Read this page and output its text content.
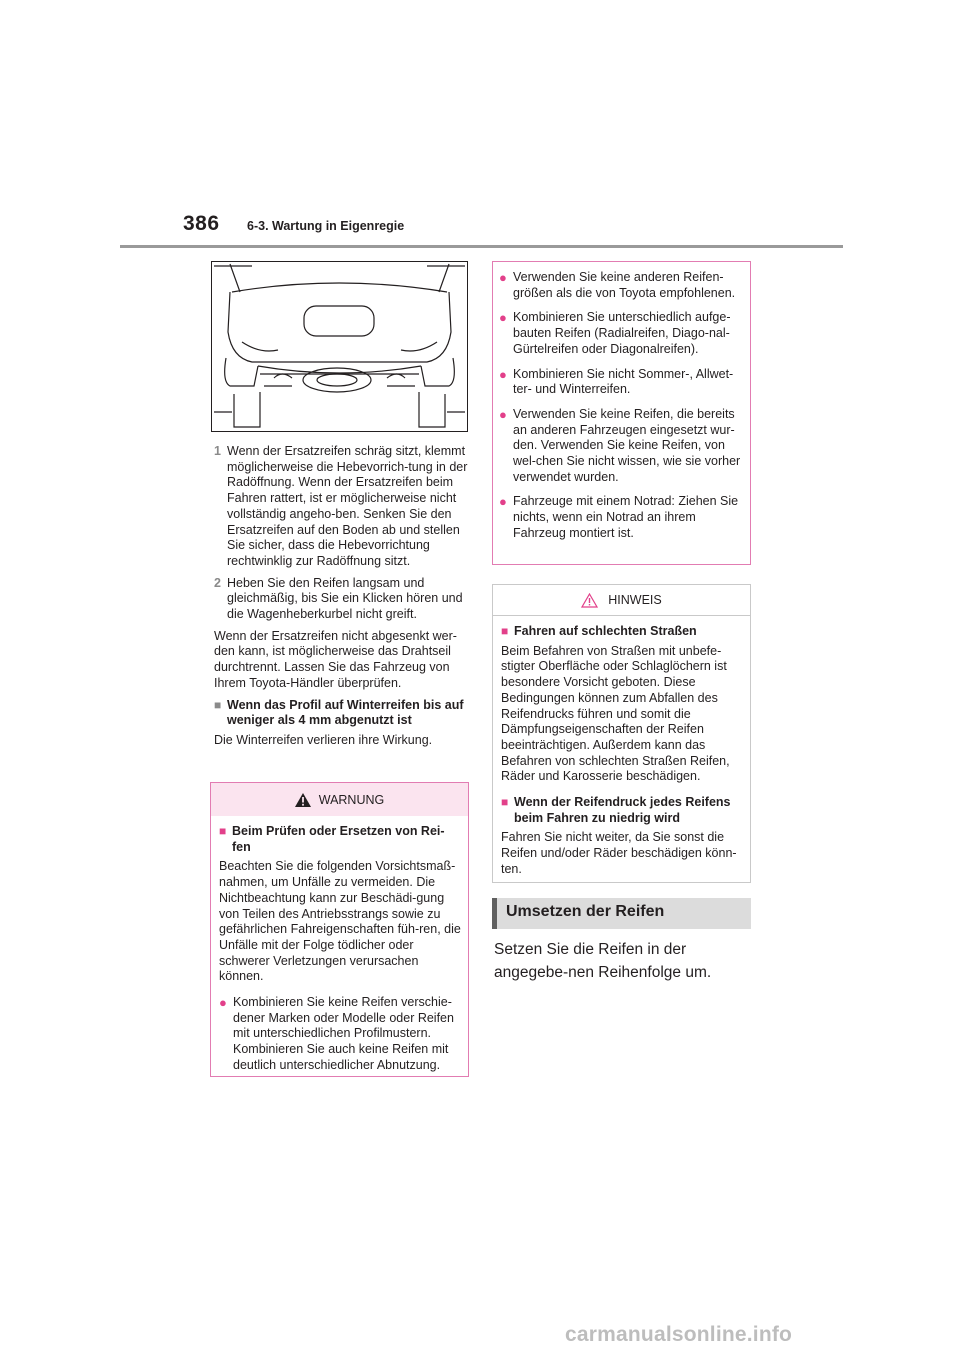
386 6-3. Wartung in Eigenregie
1 Wenn der Ersatzreifen schräg sitzt, klemmt möglicherweise die Hebevorrich-tung in der Radöffnung. Wenn der Ersatzreifen beim Fahren rattert, ist er möglicherweise nicht vollständig angeho-ben. Senken Sie den Ersatzreifen auf den Boden ab und stellen Sie sicher, dass die Hebevorrichtung rechtwinklig zur Radöffnung sitzt.
2 Heben Sie den Reifen langsam und gleichmäßig, bis Sie ein Klicken hören und die Wagenheberkurbel nicht greift.

Wenn der Ersatzreifen nicht abgesenkt wer-den kann, ist möglicherweise das Drahtseil durchtrennt. Lassen Sie das Fahrzeug von Ihrem Toyota-Händler überprüfen.

■ Wenn das Profil auf Winterreifen bis auf weniger als 4 mm abgenutzt ist

Die Winterreifen verlieren ihre Wirkung.

WARNUNG
■ Beim Prüfen oder Ersetzen von Rei-fen

Beachten Sie die folgenden Vorsichtsmaß-nahmen, um Unfälle zu vermeiden. Die Nichtbeachtung kann zur Beschädi-gung von Teilen des Antriebsstrangs sowie zu gefährlichen Fahreigenschaften füh-ren, die Unfälle mit der Folge tödlicher oder schwerer Verletzungen verursachen können.

● Kombinieren Sie keine Reifen verschie-dener Marken oder Modelle oder Reifen mit unterschiedlichen Profilmustern. Kombinieren Sie auch keine Reifen mit deutlich unterschiedlicher Abnutzung.
● Verwenden Sie keine anderen Reifen-größen als die von Toyota empfohlenen.
● Kombinieren Sie unterschiedlich aufge-bauten Reifen (Radialreifen, Diago-nal-Gürtelreifen oder Diagonalreifen).
● Kombinieren Sie nicht Sommer-, Allwet-ter- und Winterreifen.
● Verwenden Sie keine Reifen, die bereits an anderen Fahrzeugen eingesetzt wur-den. Verwenden Sie keine Reifen, von wel-chen Sie nicht wissen, wie sie vorher verwendet wurden.
● Fahrzeuge mit einem Notrad: Ziehen Sie nichts, wenn ein Notrad an ihrem Fahrzeug montiert ist.
HINWEIS
■ Fahren auf schlechten Straßen

Beim Befahren von Straßen mit unbefe-stigter Oberfläche oder Schlaglöchern ist besondere Vorsicht geboten. Diese Bedingungen können zum Abfallen des Reifendrucks führen und somit die Dämpfungseigenschaften der Reifen beeinträchtigen. Außerdem kann das Befahren von schlechten Straßen Reifen, Räder und Karosserie beschädigen.

■ Wenn der Reifendruck jedes Reifens beim Fahren zu niedrig wird

Fahren Sie nicht weiter, da Sie sonst die Reifen und/oder Räder beschädigen könn-ten.

Umsetzen der Reifen
Setzen Sie die Reifen in der angegebe-nen Reihenfolge um.
carmanualsonline.info
